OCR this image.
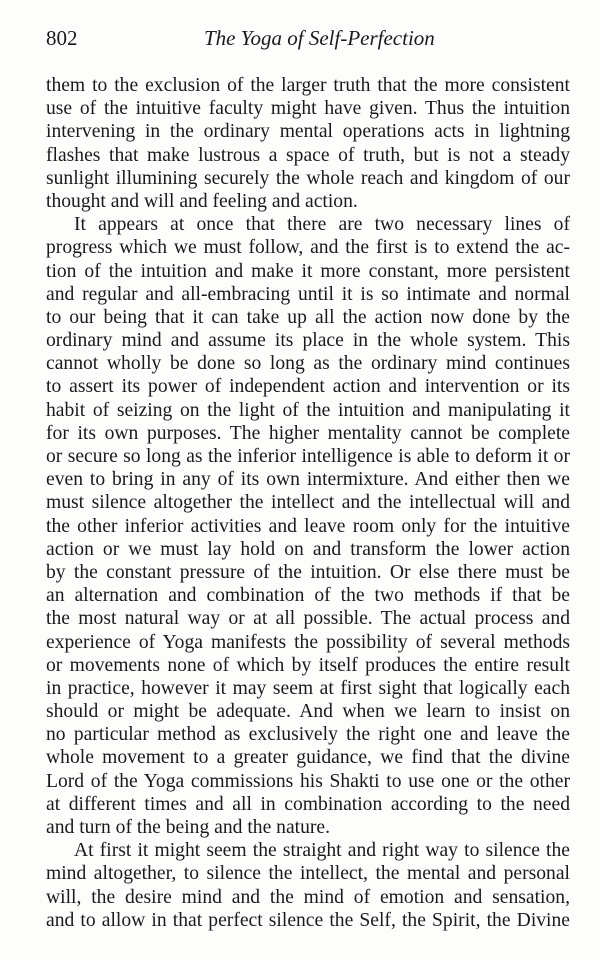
802	The Yoga of Self-Perfection
them to the exclusion of the larger truth that the more consistent
use of the intuitive faculty might have given. Thus the intuition
intervening in the ordinary mental operations acts in lightning
flashes that make lustrous a space of truth, but is not a steady
sunlight illumining securely the whole reach and kingdom of our
thought and will and feeling and action.
It appears at once that there are two necessary lines of
progress which we must follow, and the first is to extend the ac-
tion of the intuition and make it more constant, more persistent
and regular and all-embracing until it is so intimate and normal
to our being that it can take up all the action now done by the
ordinary mind and assume its place in the whole system. This
cannot wholly be done so long as the ordinary mind continues
to assert its power of independent action and intervention or its
habit of seizing on the light of the intuition and manipulating it
for its own purposes. The higher mentality cannot be complete
or secure so long as the inferior intelligence is able to deform it or
even to bring in any of its own intermixture. And either then we
must silence altogether the intellect and the intellectual will and
the other inferior activities and leave room only for the intuitive
action or we must lay hold on and transform the lower action
by the constant pressure of the intuition. Or else there must be
an alternation and combination of the two methods if that be
the most natural way or at all possible. The actual process and
experience of Yoga manifests the possibility of several methods
or movements none of which by itself produces the entire result
in practice, however it may seem at first sight that logically each
should or might be adequate. And when we learn to insist on
no particular method as exclusively the right one and leave the
whole movement to a greater guidance, we find that the divine
Lord of the Yoga commissions his Shakti to use one or the other
at different times and all in combination according to the need
and turn of the being and the nature.
At first it might seem the straight and right way to silence the
mind altogether, to silence the intellect, the mental and personal
will, the desire mind and the mind of emotion and sensation,
and to allow in that perfect silence the Self, the Spirit, the Divine
